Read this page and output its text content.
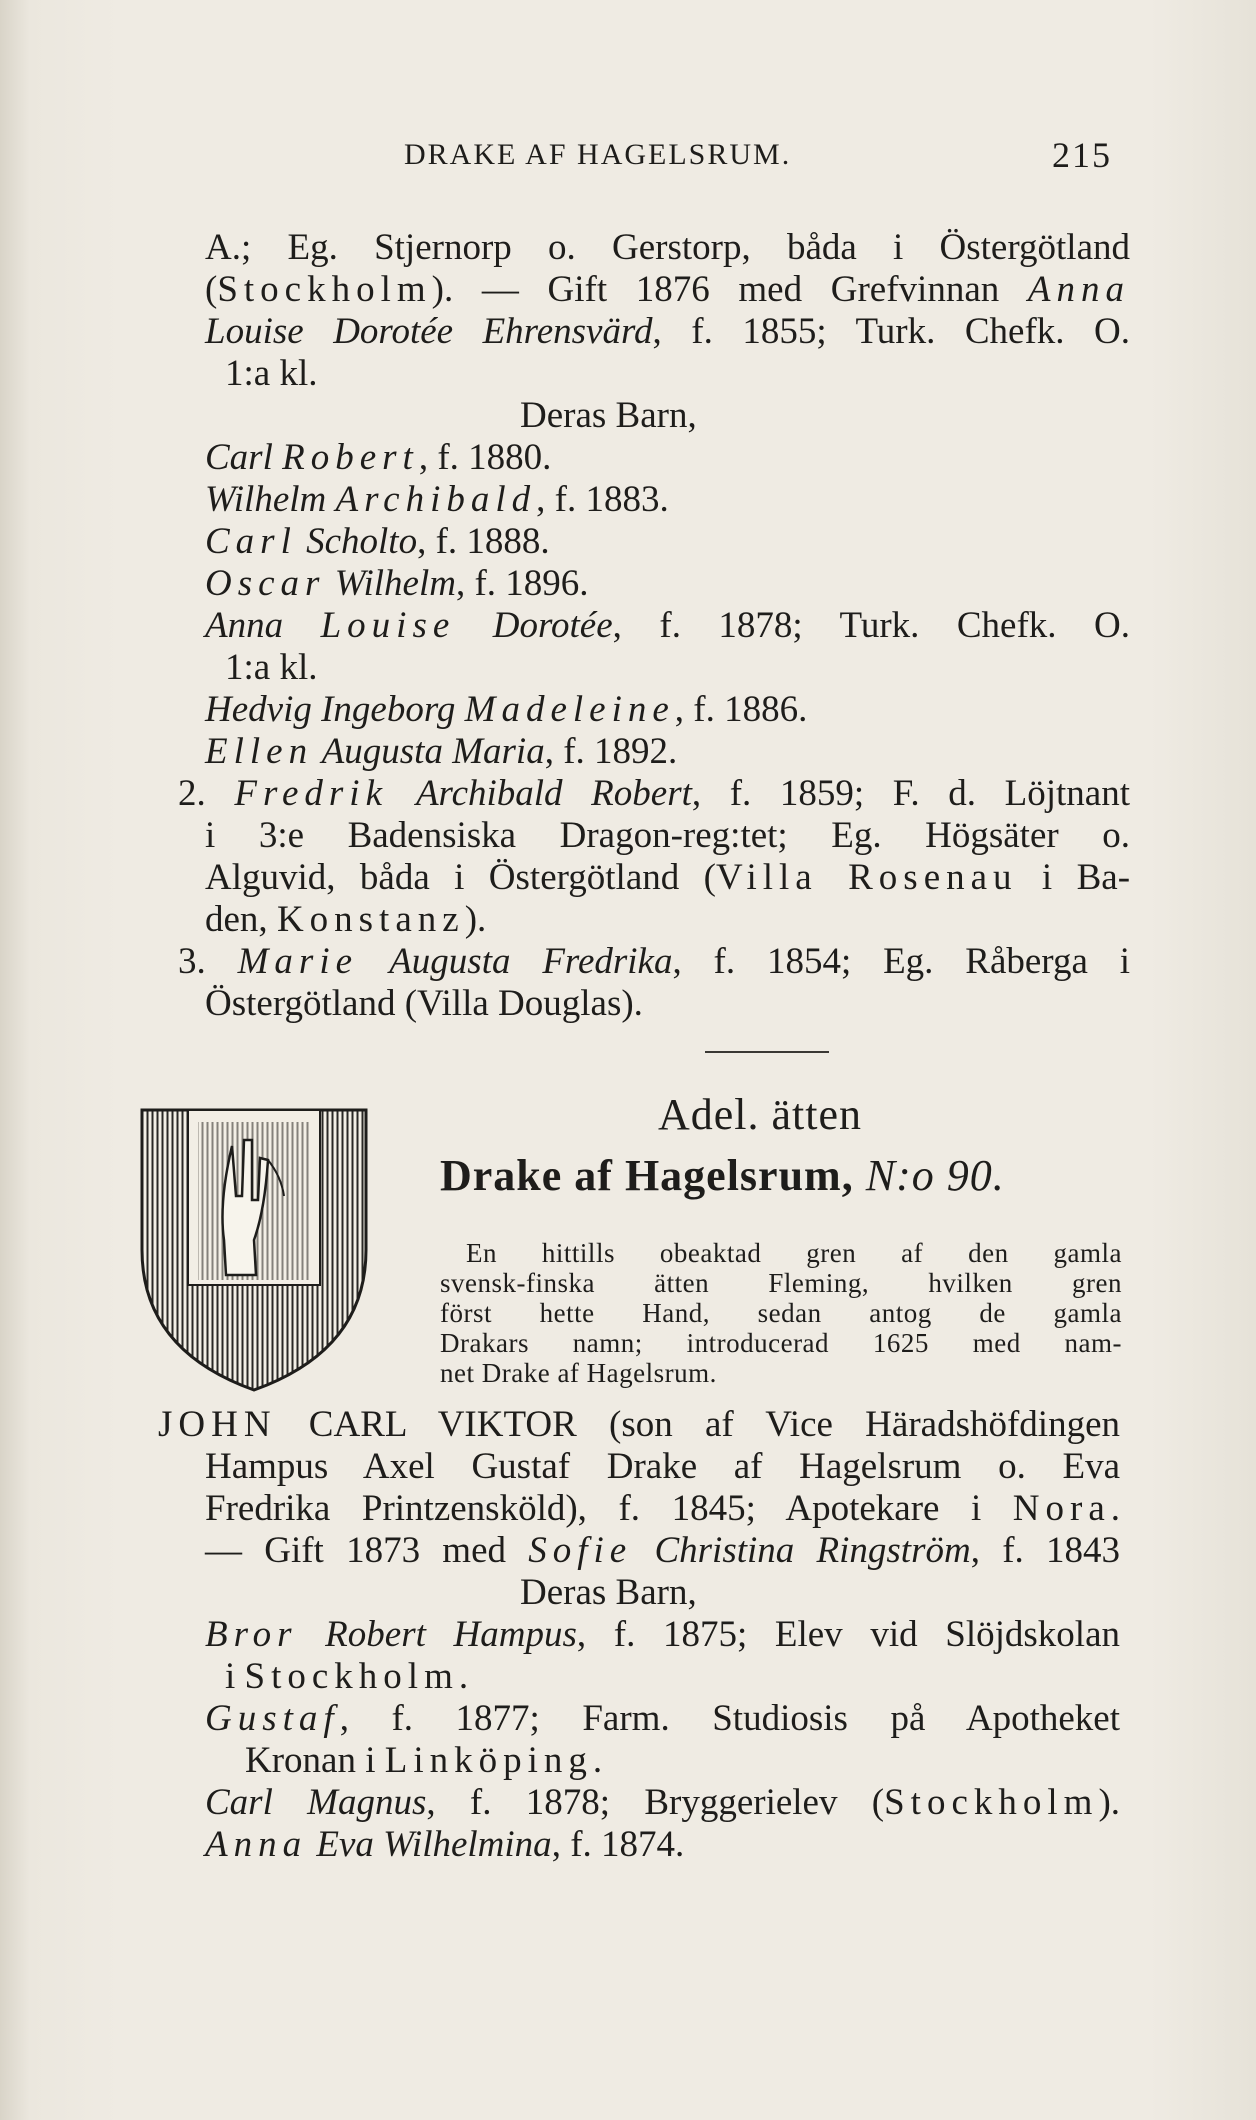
DRAKE AF HAGELSRUM.	215
A.; Eg. Stjernorp o. Gerstorp, båda i Östergötland
(Stockholm). — Gift 1876 med Grefvinnan Anna
Louise Dorotée Ehrensvärd, f. 1855; Turk. Chefk. O.
1:a kl.
Deras Barn,
Carl Robert, f. 1880.
Wilhelm Archibald, f. 1883.
Carl Scholto, f. 1888.
Oscar Wilhelm, f. 1896.
Anna Louise Dorotée, f. 1878; Turk. Chefk. O.
1:a kl.
Hedvig Ingeborg Madeleine, f. 1886.
Ellen Augusta Maria, f. 1892.
2. Fredrik Archibald Robert, f. 1859; F. d. Löjtnant
i 3:e Badensiska Dragon-reg:tet; Eg. Högsäter o.
Alguvid, båda i Östergötland (Villa Rosenau i Ba-
den, Konstanz).
3. Marie Augusta Fredrika, f. 1854; Eg. Råberga i
Östergötland (Villa Douglas).
Adel. ätten
Drake af Hagelsrum, N:o 90.
En hittills obeaktad gren af den gamla
svensk-finska ätten Fleming, hvilken gren
först hette Hand, sedan antog de gamla
Drakars namn; introducerad 1625 med nam-
net Drake af Hagelsrum.
JOHN CARL VIKTOR (son af Vice Häradshöfdingen
Hampus Axel Gustaf Drake af Hagelsrum o. Eva
Fredrika Printzensköld), f. 1845; Apotekare i Nora.
— Gift 1873 med Sofie Christina Ringström, f. 1843
Deras Barn,
Bror Robert Hampus, f. 1875; Elev vid Slöjdskolan
i Stockholm.
Gustaf, f. 1877; Farm. Studiosis på Apotheket
Kronan i Linköping.
Carl Magnus, f. 1878; Bryggerielev (Stockholm).
Anna Eva Wilhelmina, f. 1874.
